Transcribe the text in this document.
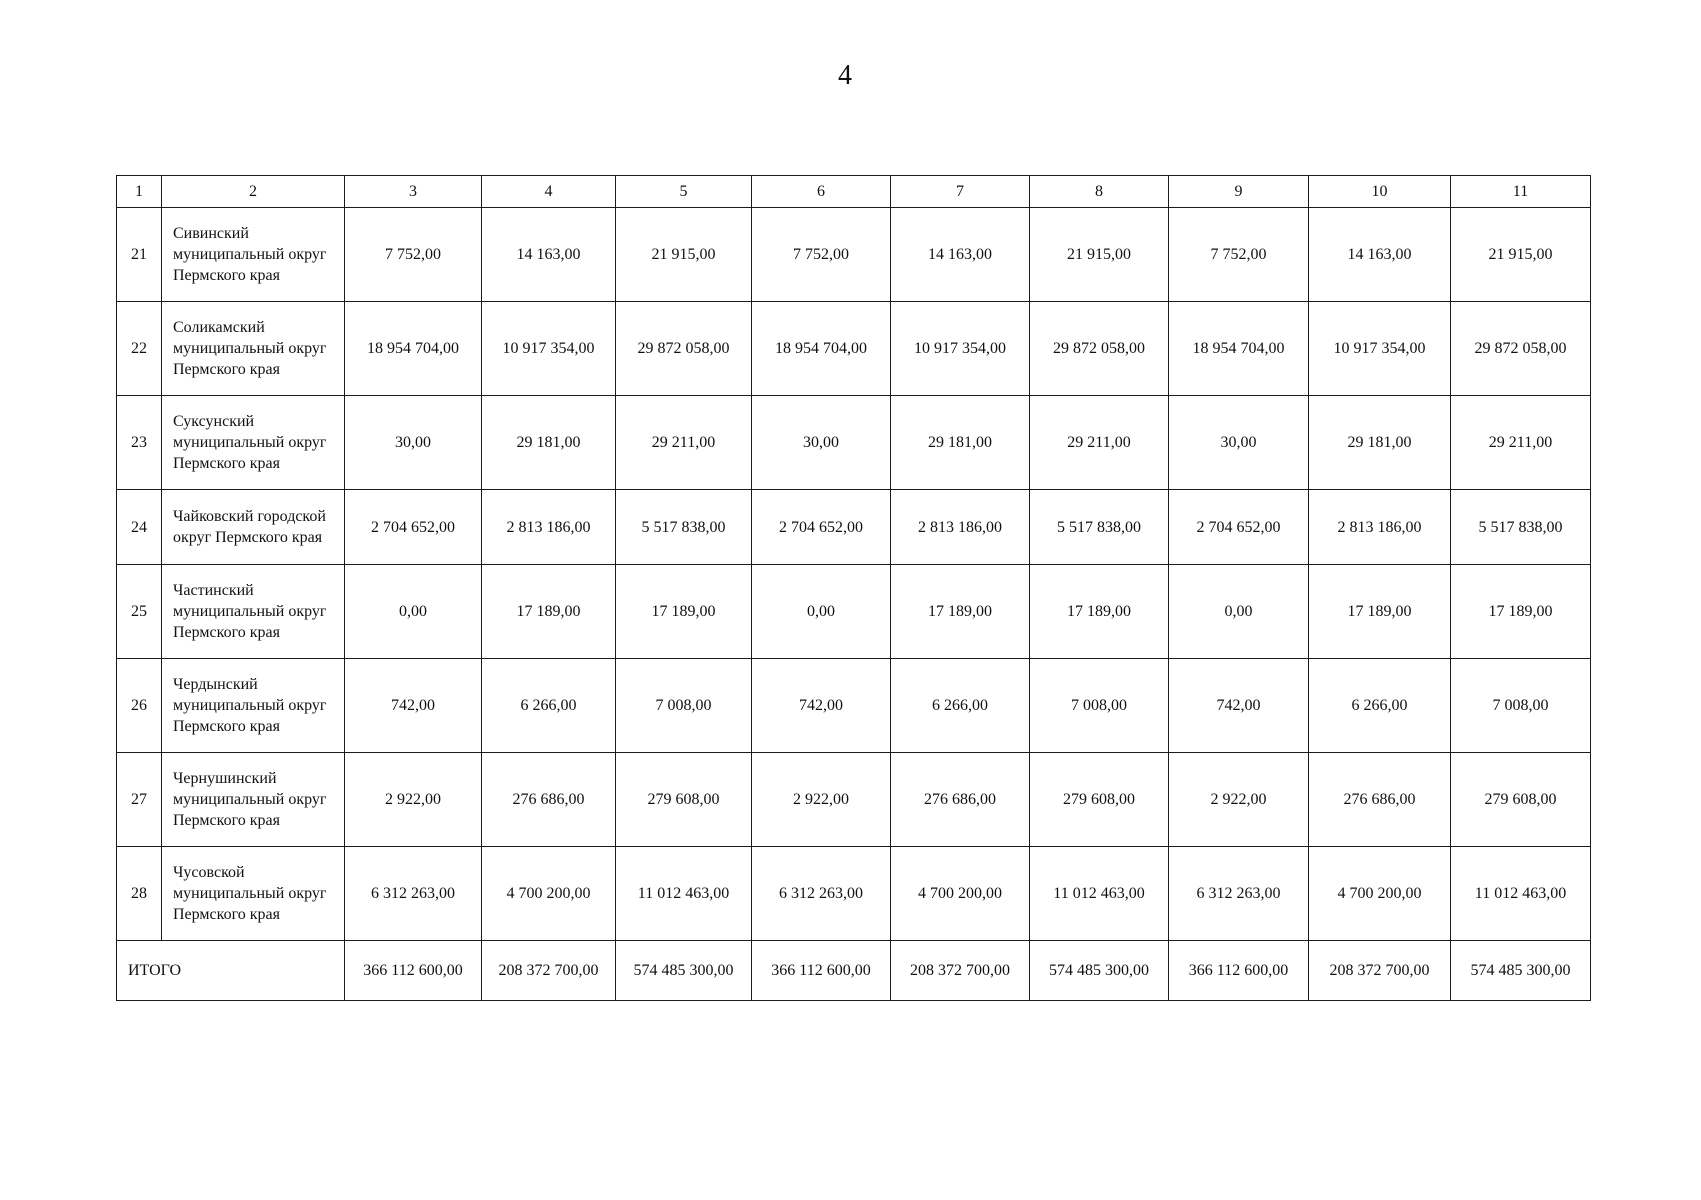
4
1	2	3	4	5	6	7	8	9	10	11
21	Сивинский муниципальный округ Пермского края	7 752,00	14 163,00	21 915,00	7 752,00	14 163,00	21 915,00	7 752,00	14 163,00	21 915,00
22	Соликамский муниципальный округ Пермского края	18 954 704,00	10 917 354,00	29 872 058,00	18 954 704,00	10 917 354,00	29 872 058,00	18 954 704,00	10 917 354,00	29 872 058,00
23	Суксунский муниципальный округ Пермского края	30,00	29 181,00	29 211,00	30,00	29 181,00	29 211,00	30,00	29 181,00	29 211,00
24	Чайковский городской округ Пермского края	2 704 652,00	2 813 186,00	5 517 838,00	2 704 652,00	2 813 186,00	5 517 838,00	2 704 652,00	2 813 186,00	5 517 838,00
25	Частинский муниципальный округ Пермского края	0,00	17 189,00	17 189,00	0,00	17 189,00	17 189,00	0,00	17 189,00	17 189,00
26	Чердынский муниципальный округ Пермского края	742,00	6 266,00	7 008,00	742,00	6 266,00	7 008,00	742,00	6 266,00	7 008,00
27	Чернушинский муниципальный округ Пермского края	2 922,00	276 686,00	279 608,00	2 922,00	276 686,00	279 608,00	2 922,00	276 686,00	279 608,00
28	Чусовской муниципальный округ Пермского края	6 312 263,00	4 700 200,00	11 012 463,00	6 312 263,00	4 700 200,00	11 012 463,00	6 312 263,00	4 700 200,00	11 012 463,00
ИТОГО		366 112 600,00	208 372 700,00	574 485 300,00	366 112 600,00	208 372 700,00	574 485 300,00	366 112 600,00	208 372 700,00	574 485 300,00
